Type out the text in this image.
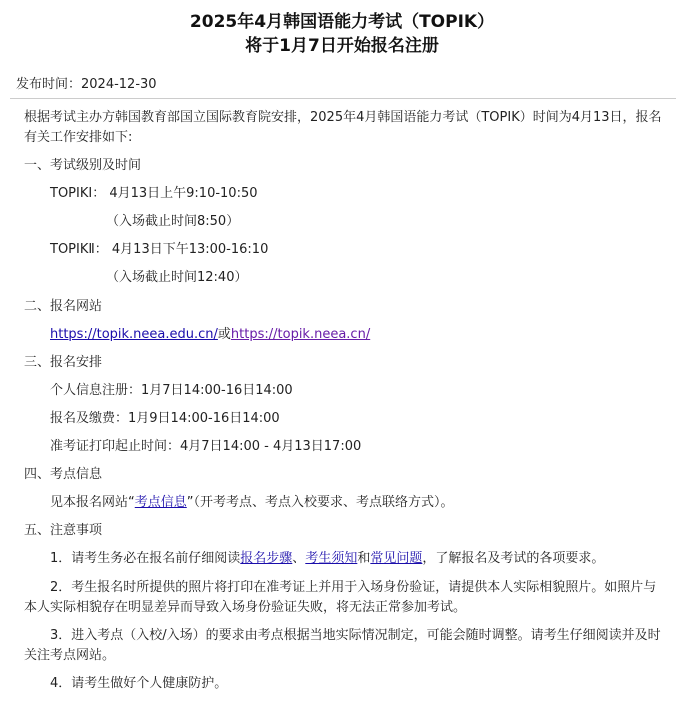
2025年4月韩国语能力考试（TOPIK）
将于1月7日开始报名注册
发布时间：2024-12-30
根据考试主办方韩国教育部国立国际教育院安排，2025年4月韩国语能力考试（TOPIK）时间为4月13日，报名
有关工作安排如下:
一、考试级别及时间
TOPIKⅠ： 4月13日上午9:10-10:50
（入场截止时间8:50）
TOPIKⅡ： 4月13日下午13:00-16:10
（入场截止时间12:40）
二、报名网站
https://topik.neea.edu.cn/或https://topik.neea.cn/
三、报名安排
个人信息注册：1月7日14:00-16日14:00
报名及缴费：1月9日14:00-16日14:00
准考证打印起止时间：4月7日14:00 - 4月13日17:00
四、考点信息
见本报名网站“考点信息”（开考考点、考点入校要求、考点联络方式）。
五、注意事项
1．请考生务必在报名前仔细阅读报名步骤、考生须知和常见问题，了解报名及考试的各项要求。
2．考生报名时所提供的照片将打印在准考证上并用于入场身份验证，请提供本人实际相貌照片。如照片与
本人实际相貌存在明显差异而导致入场身份验证失败，将无法正常参加考试。
3．进入考点（入校/入场）的要求由考点根据当地实际情况制定，可能会随时调整。请考生仔细阅读并及时
关注考点网站。
4．请考生做好个人健康防护。
